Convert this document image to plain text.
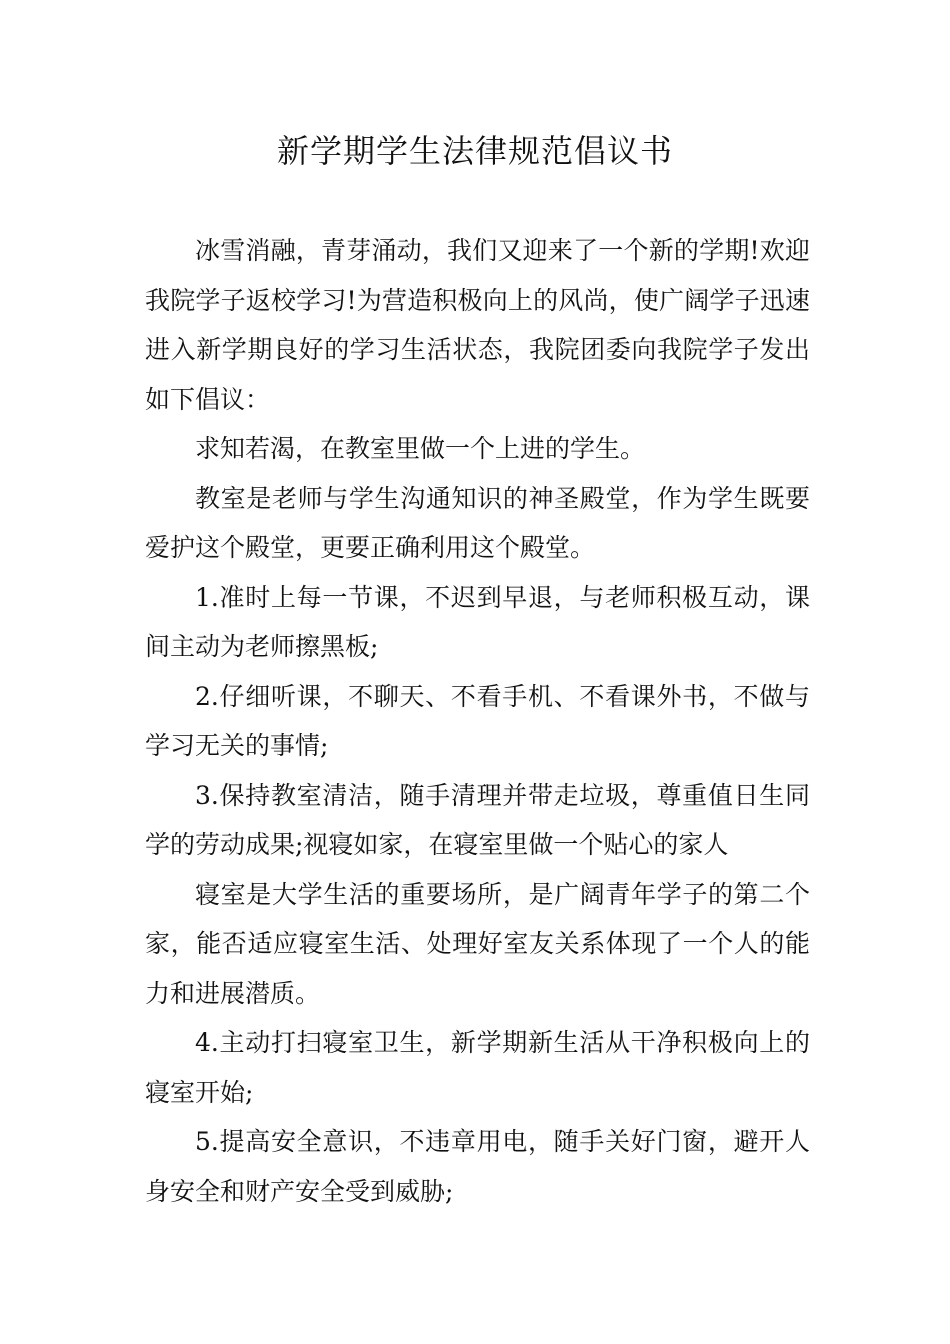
新学期学生法律规范倡议书

冰雪消融，青芽涌动，我们又迎来了一个新的学期!欢迎我院学子返校学习!为营造积极向上的风尚，使广阔学子迅速进入新学期良好的学习生活状态，我院团委向我院学子发出如下倡议：

求知若渴，在教室里做一个上进的学生。

教室是老师与学生沟通知识的神圣殿堂，作为学生既要爱护这个殿堂，更要正确利用这个殿堂。

1.准时上每一节课，不迟到早退，与老师积极互动，课间主动为老师擦黑板;

2.仔细听课，不聊天、不看手机、不看课外书，不做与学习无关的事情;

3.保持教室清洁，随手清理并带走垃圾，尊重值日生同学的劳动成果;视寝如家，在寝室里做一个贴心的家人

寝室是大学生活的重要场所，是广阔青年学子的第二个家，能否适应寝室生活、处理好室友关系体现了一个人的能力和进展潜质。

4.主动打扫寝室卫生，新学期新生活从干净积极向上的寝室开始;

5.提高安全意识，不违章用电，随手关好门窗，避开人身安全和财产安全受到威胁;
